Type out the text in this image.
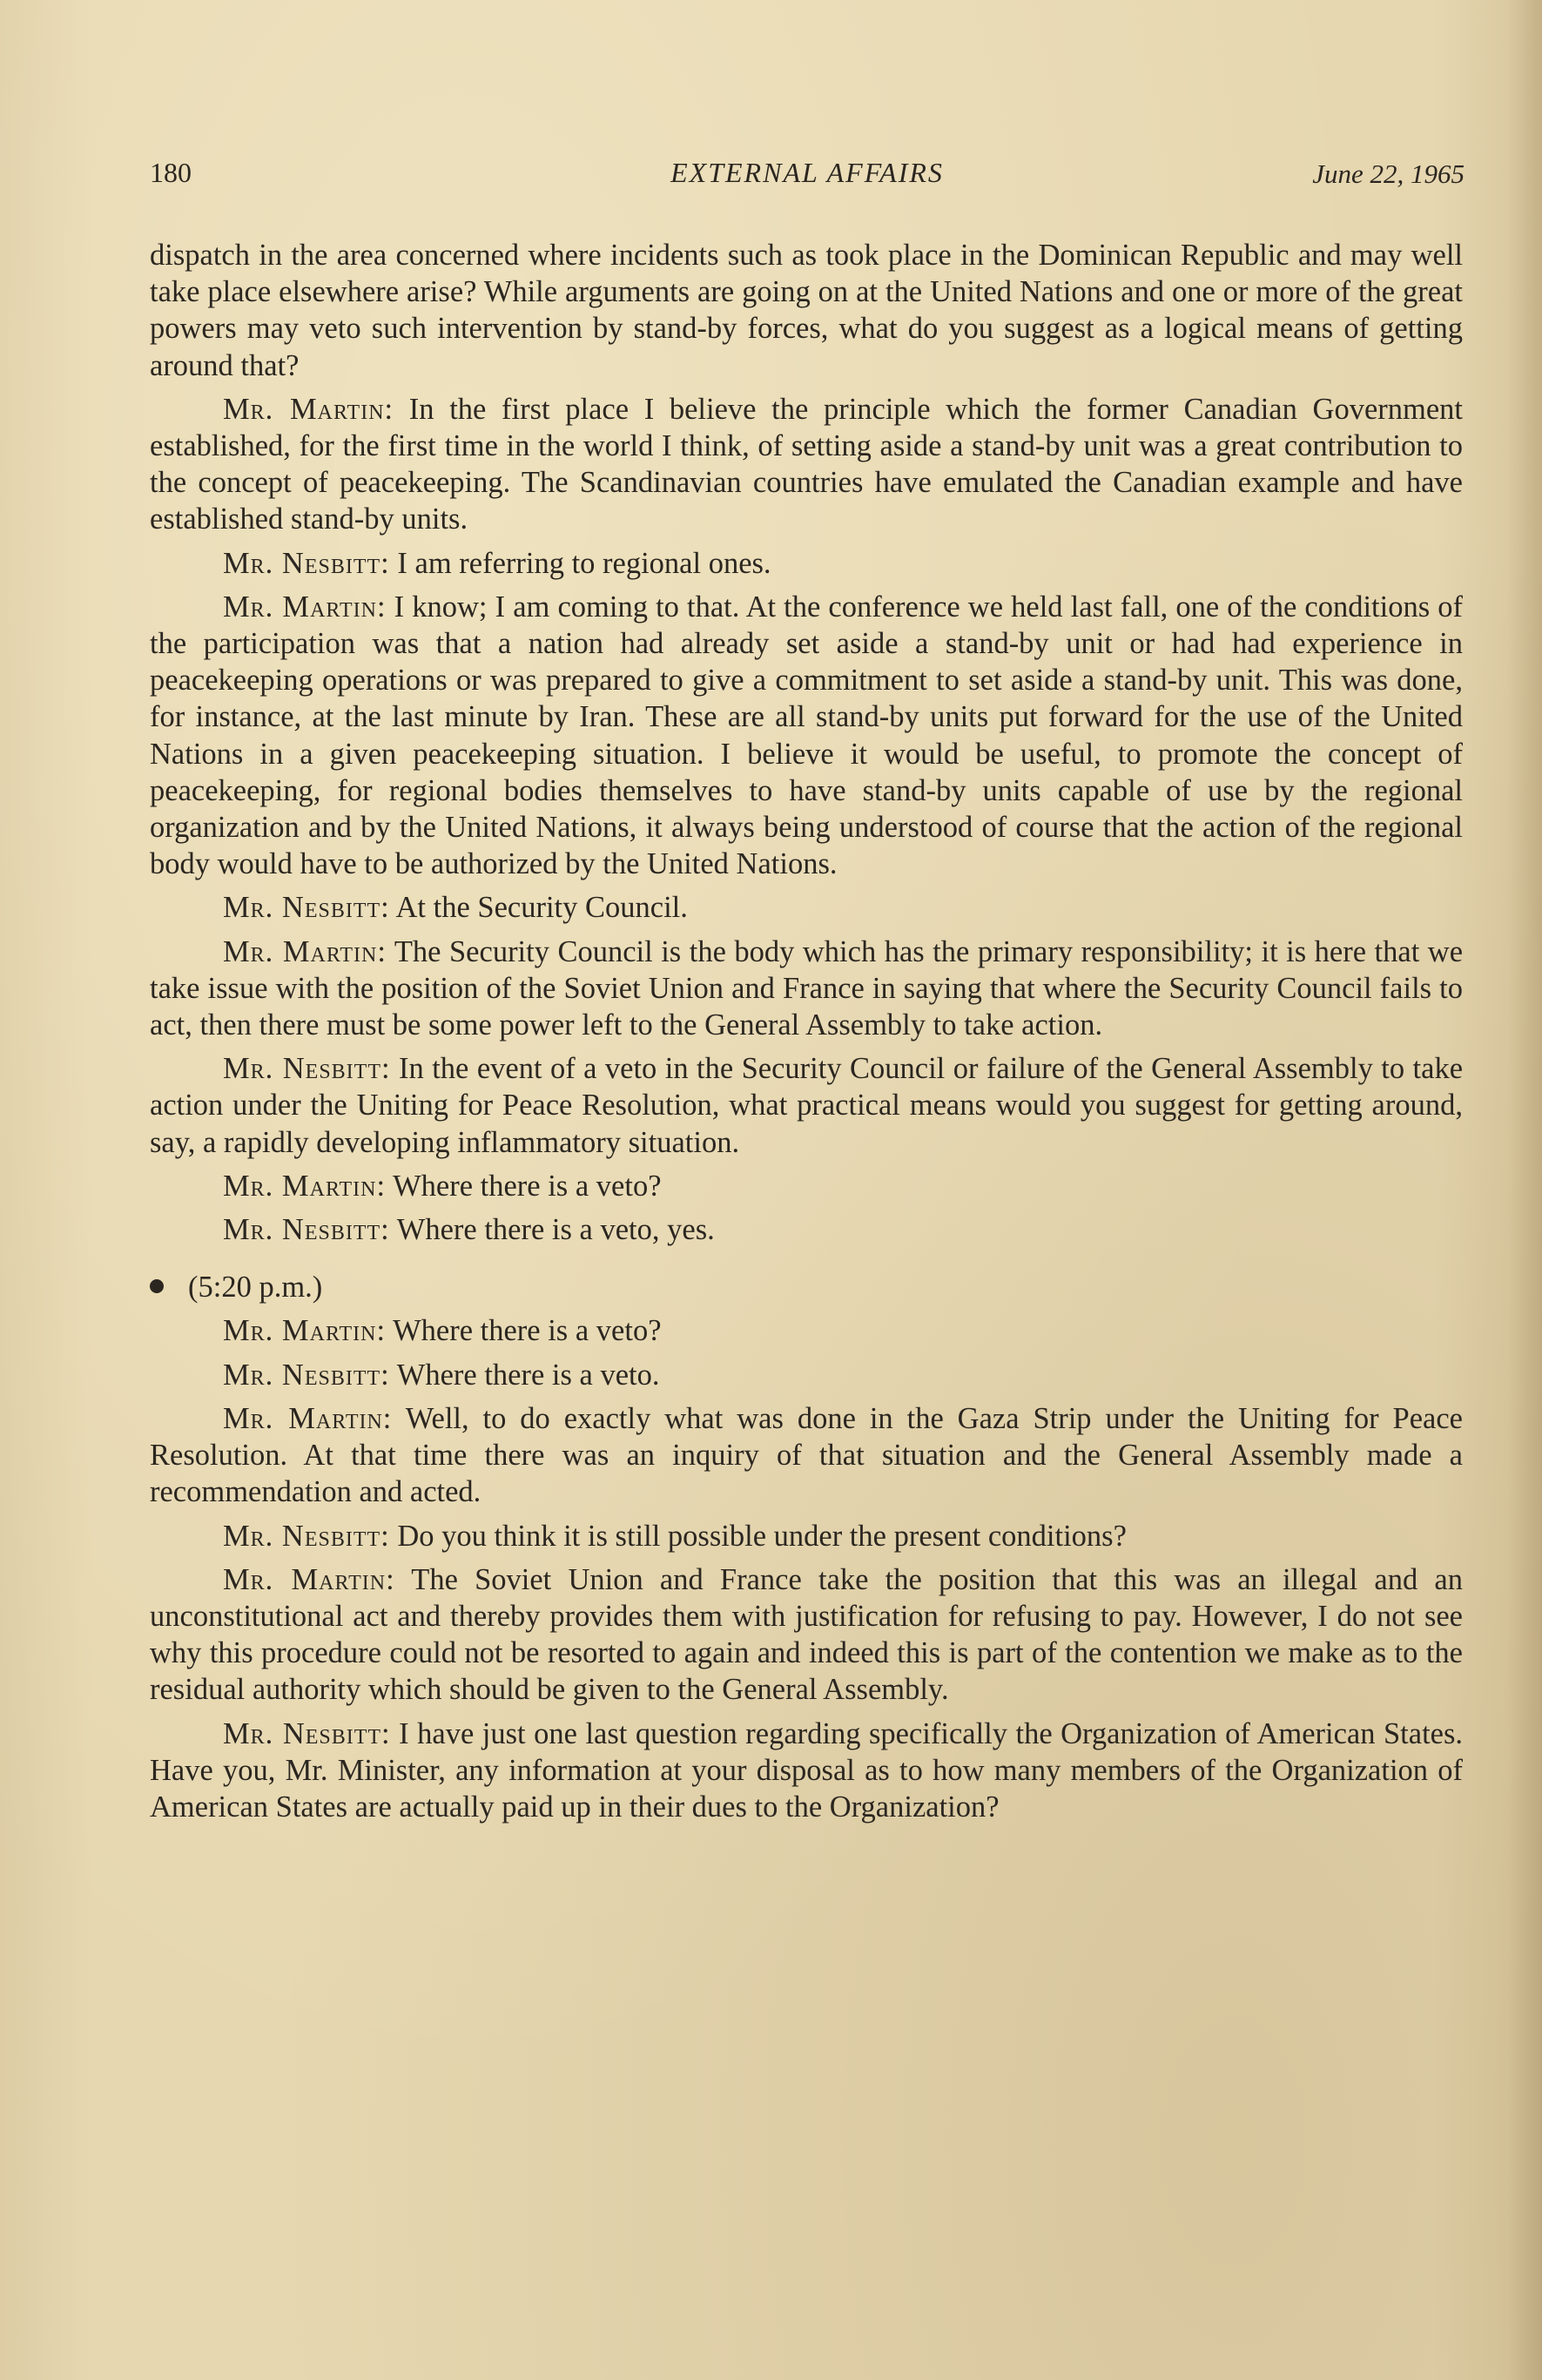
180	EXTERNAL AFFAIRS	June 22, 1965

dispatch in the area concerned where incidents such as took place in the Dominican Republic and may well take place elsewhere arise? While arguments are going on at the United Nations and one or more of the great powers may veto such intervention by stand-by forces, what do you suggest as a logical means of getting around that?

Mr. Martin: In the first place I believe the principle which the former Canadian Government established, for the first time in the world I think, of setting aside a stand-by unit was a great contribution to the concept of peacekeeping. The Scandinavian countries have emulated the Canadian example and have established stand-by units.

Mr. Nesbitt: I am referring to regional ones.

Mr. Martin: I know; I am coming to that. At the conference we held last fall, one of the conditions of the participation was that a nation had already set aside a stand-by unit or had had experience in peacekeeping operations or was prepared to give a commitment to set aside a stand-by unit. This was done, for instance, at the last minute by Iran. These are all stand-by units put forward for the use of the United Nations in a given peacekeeping situation. I believe it would be useful, to promote the concept of peacekeeping, for regional bodies themselves to have stand-by units capable of use by the regional organization and by the United Nations, it always being understood of course that the action of the regional body would have to be authorized by the United Nations.

Mr. Nesbitt: At the Security Council.

Mr. Martin: The Security Council is the body which has the primary responsibility; it is here that we take issue with the position of the Soviet Union and France in saying that where the Security Council fails to act, then there must be some power left to the General Assembly to take action.

Mr. Nesbitt: In the event of a veto in the Security Council or failure of the General Assembly to take action under the Uniting for Peace Resolution, what practical means would you suggest for getting around, say, a rapidly developing inflammatory situation.

Mr. Martin: Where there is a veto?

Mr. Nesbitt: Where there is a veto, yes.

(5:20 p.m.)

Mr. Martin: Where there is a veto?

Mr. Nesbitt: Where there is a veto.

Mr. Martin: Well, to do exactly what was done in the Gaza Strip under the Uniting for Peace Resolution. At that time there was an inquiry of that situation and the General Assembly made a recommendation and acted.

Mr. Nesbitt: Do you think it is still possible under the present conditions?

Mr. Martin: The Soviet Union and France take the position that this was an illegal and an unconstitutional act and thereby provides them with justification for refusing to pay. However, I do not see why this procedure could not be resorted to again and indeed this is part of the contention we make as to the residual authority which should be given to the General Assembly.

Mr. Nesbitt: I have just one last question regarding specifically the Organization of American States. Have you, Mr. Minister, any information at your disposal as to how many members of the Organization of American States are actually paid up in their dues to the Organization?
